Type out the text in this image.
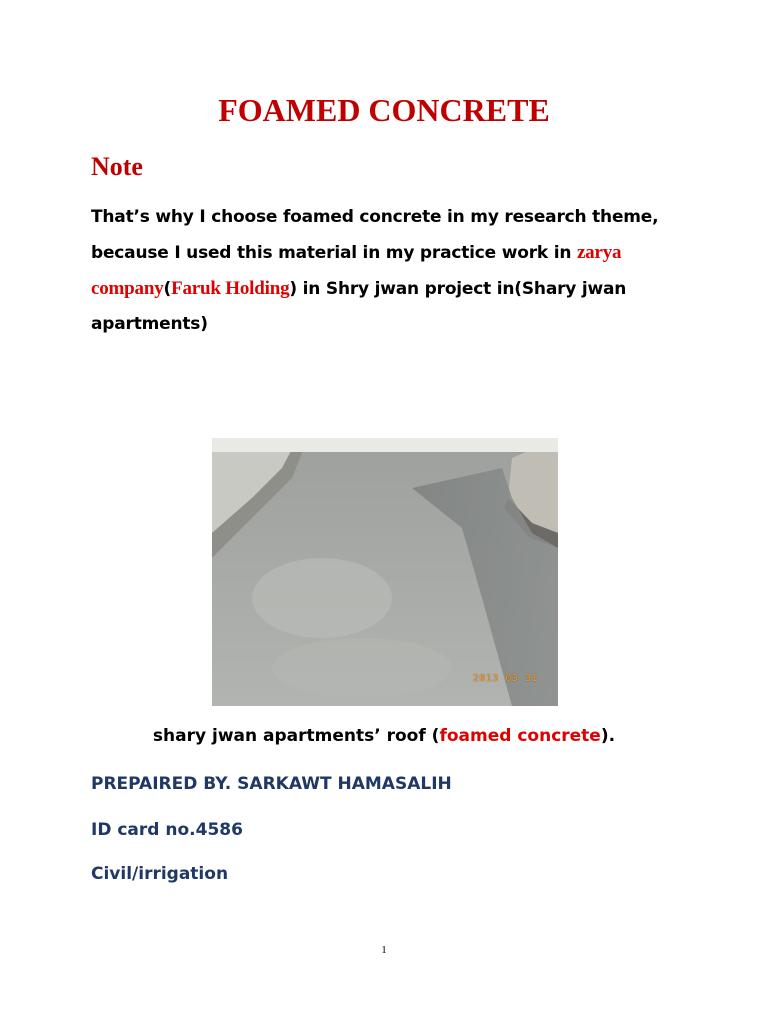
FOAMED CONCRETE
Note

That’s why I choose foamed concrete in my research theme, because I used this material in my practice work in zarya company(Faruk Holding) in Shry jwan project in(Shary jwan apartments)

2013 03 31

shary jwan apartments’ roof (foamed concrete).

PREPAIRED BY. SARKAWT HAMASALIH

ID card no.4586

Civil/irrigation

1
